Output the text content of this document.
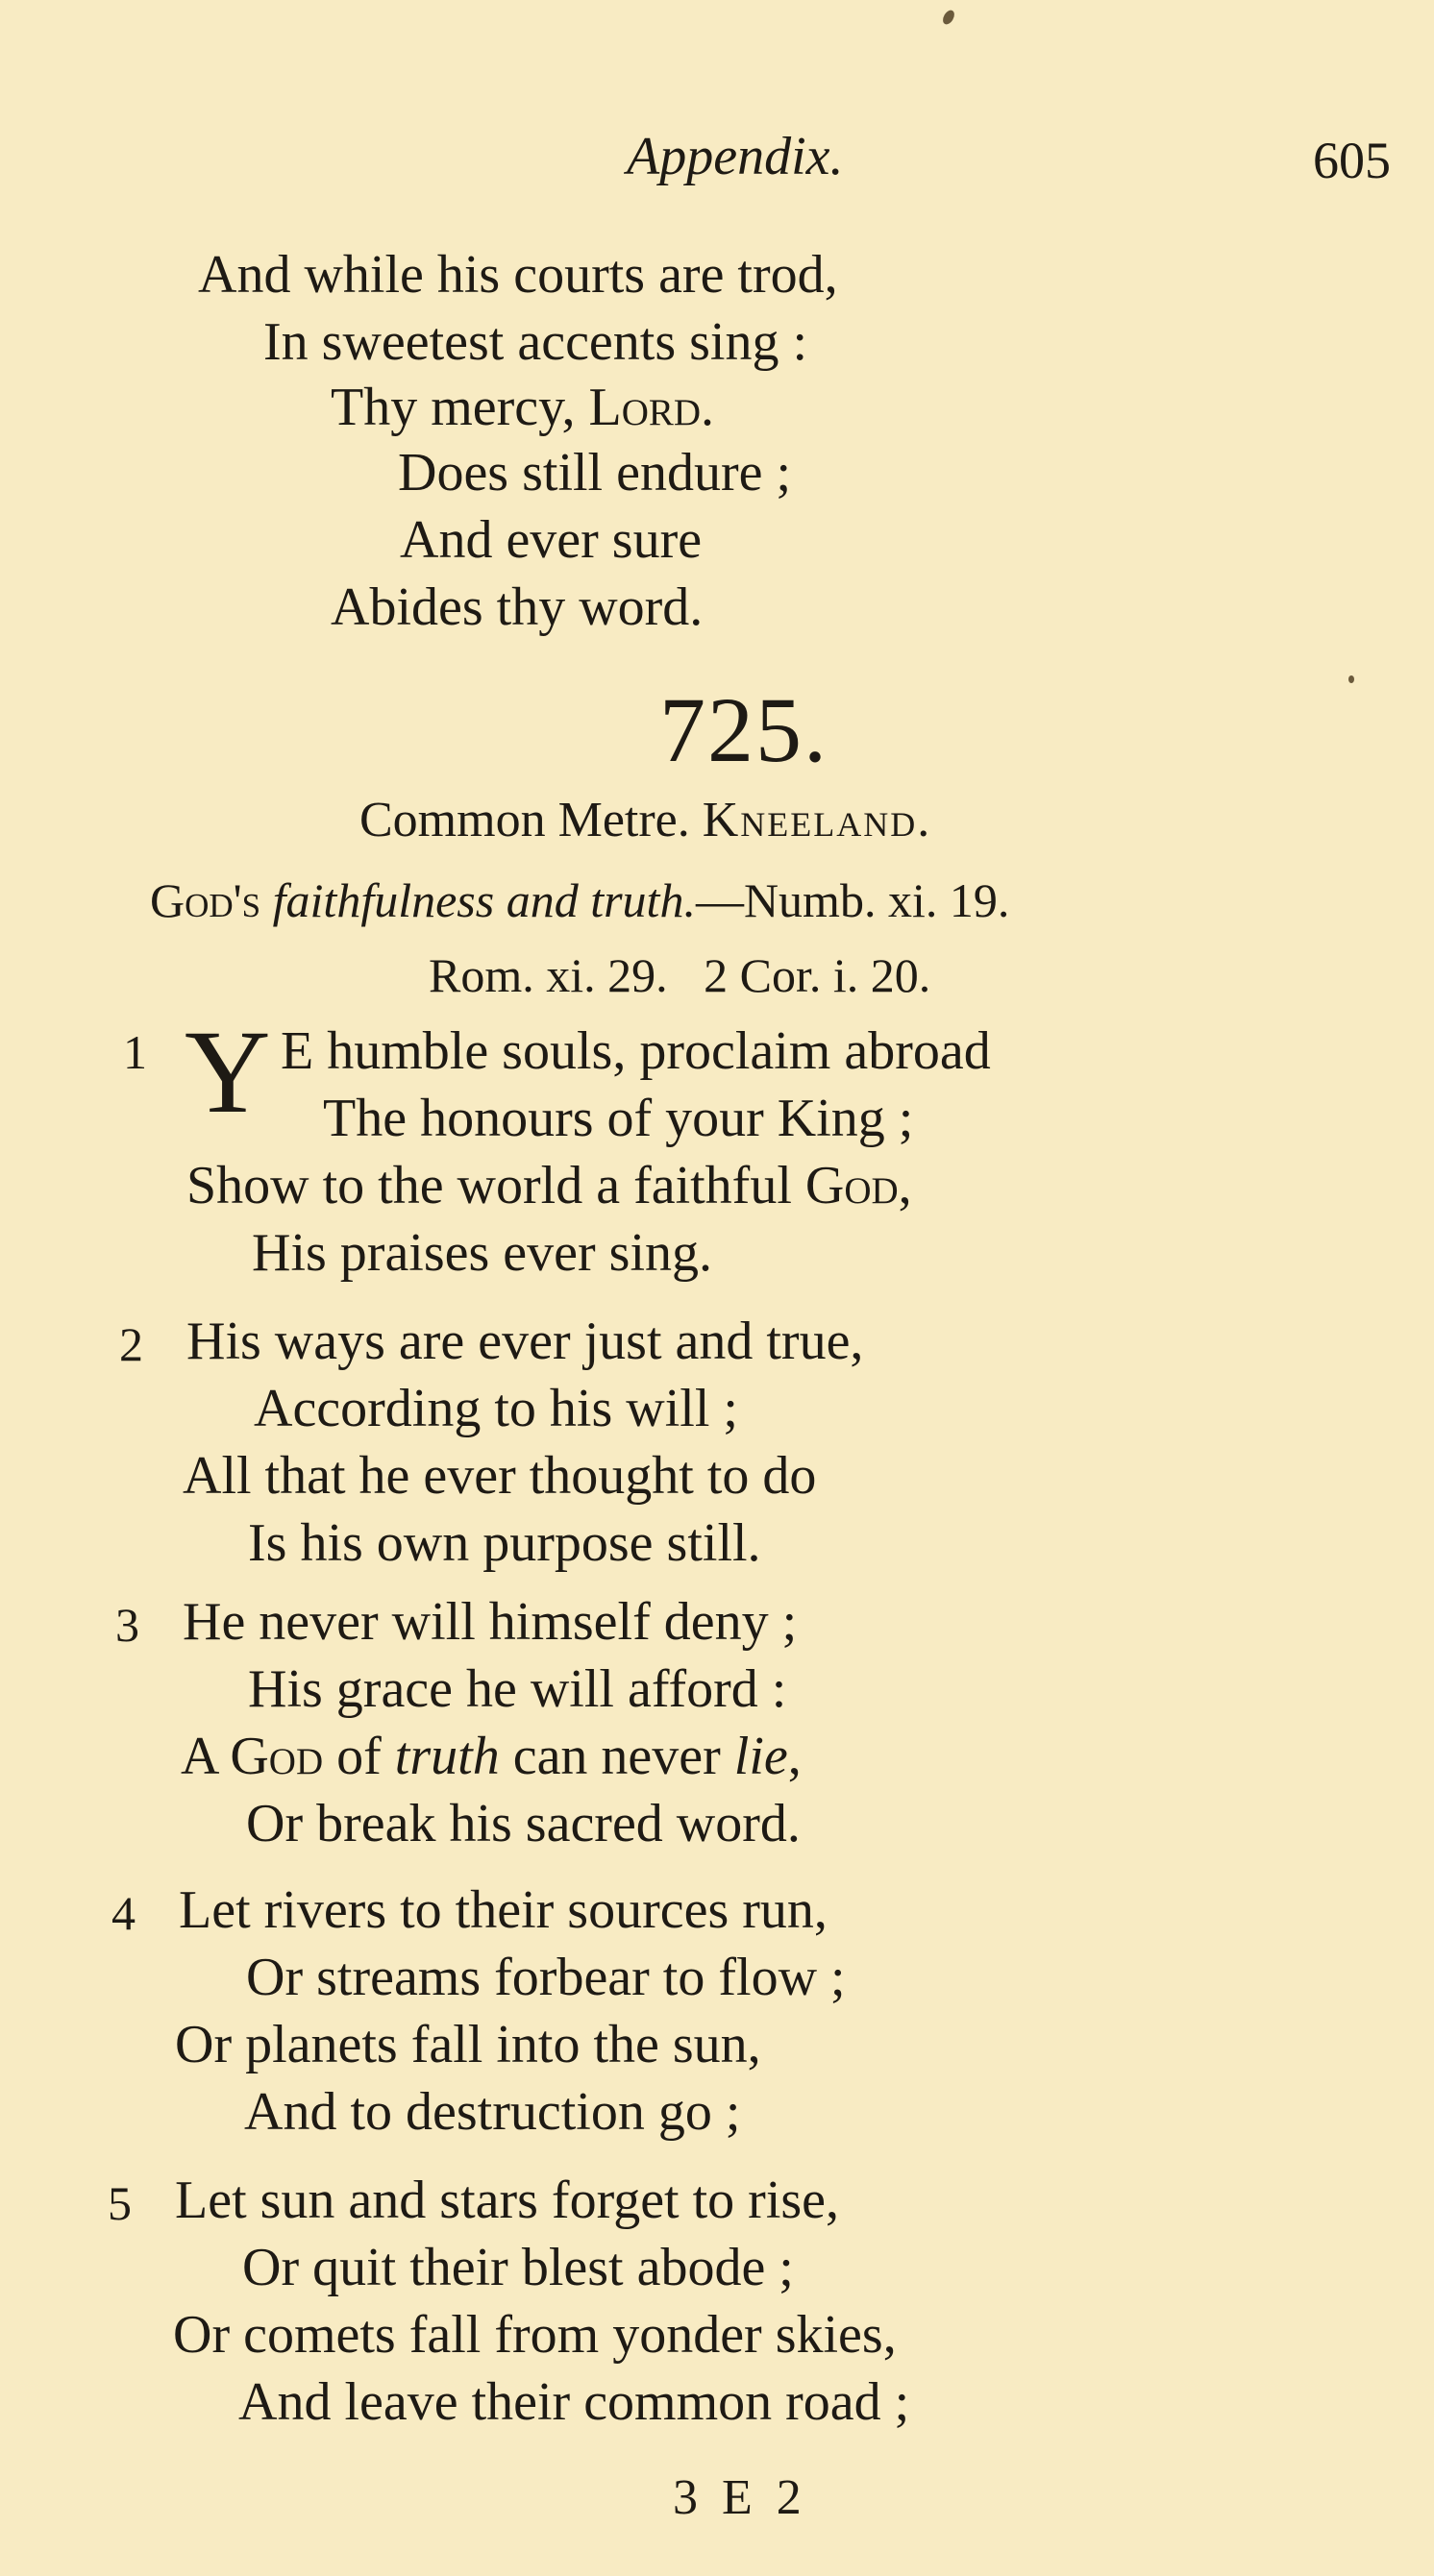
Appendix.	605
And while his courts are trod,
In sweetest accents sing :
Thy mercy, Lord.
Does still endure ;
And ever sure
Abides thy word.
725.
Common Metre. Kneeland.
God's faithfulness and truth.—Numb. xi. 19.
Rom. xi. 29.   2 Cor. i. 20.
1 Y E humble souls, proclaim abroad
The honours of your King ;
Show to the world a faithful God,
His praises ever sing.
2 His ways are ever just and true,
According to his will ;
All that he ever thought to do
Is his own purpose still.
3 He never will himself deny ;
His grace he will afford :
A God of truth can never lie,
Or break his sacred word.
4 Let rivers to their sources run,
Or streams forbear to flow ;
Or planets fall into the sun,
And to destruction go ;
5 Let sun and stars forget to rise,
Or quit their blest abode ;
Or comets fall from yonder skies,
And leave their common road ;
3 E 2
